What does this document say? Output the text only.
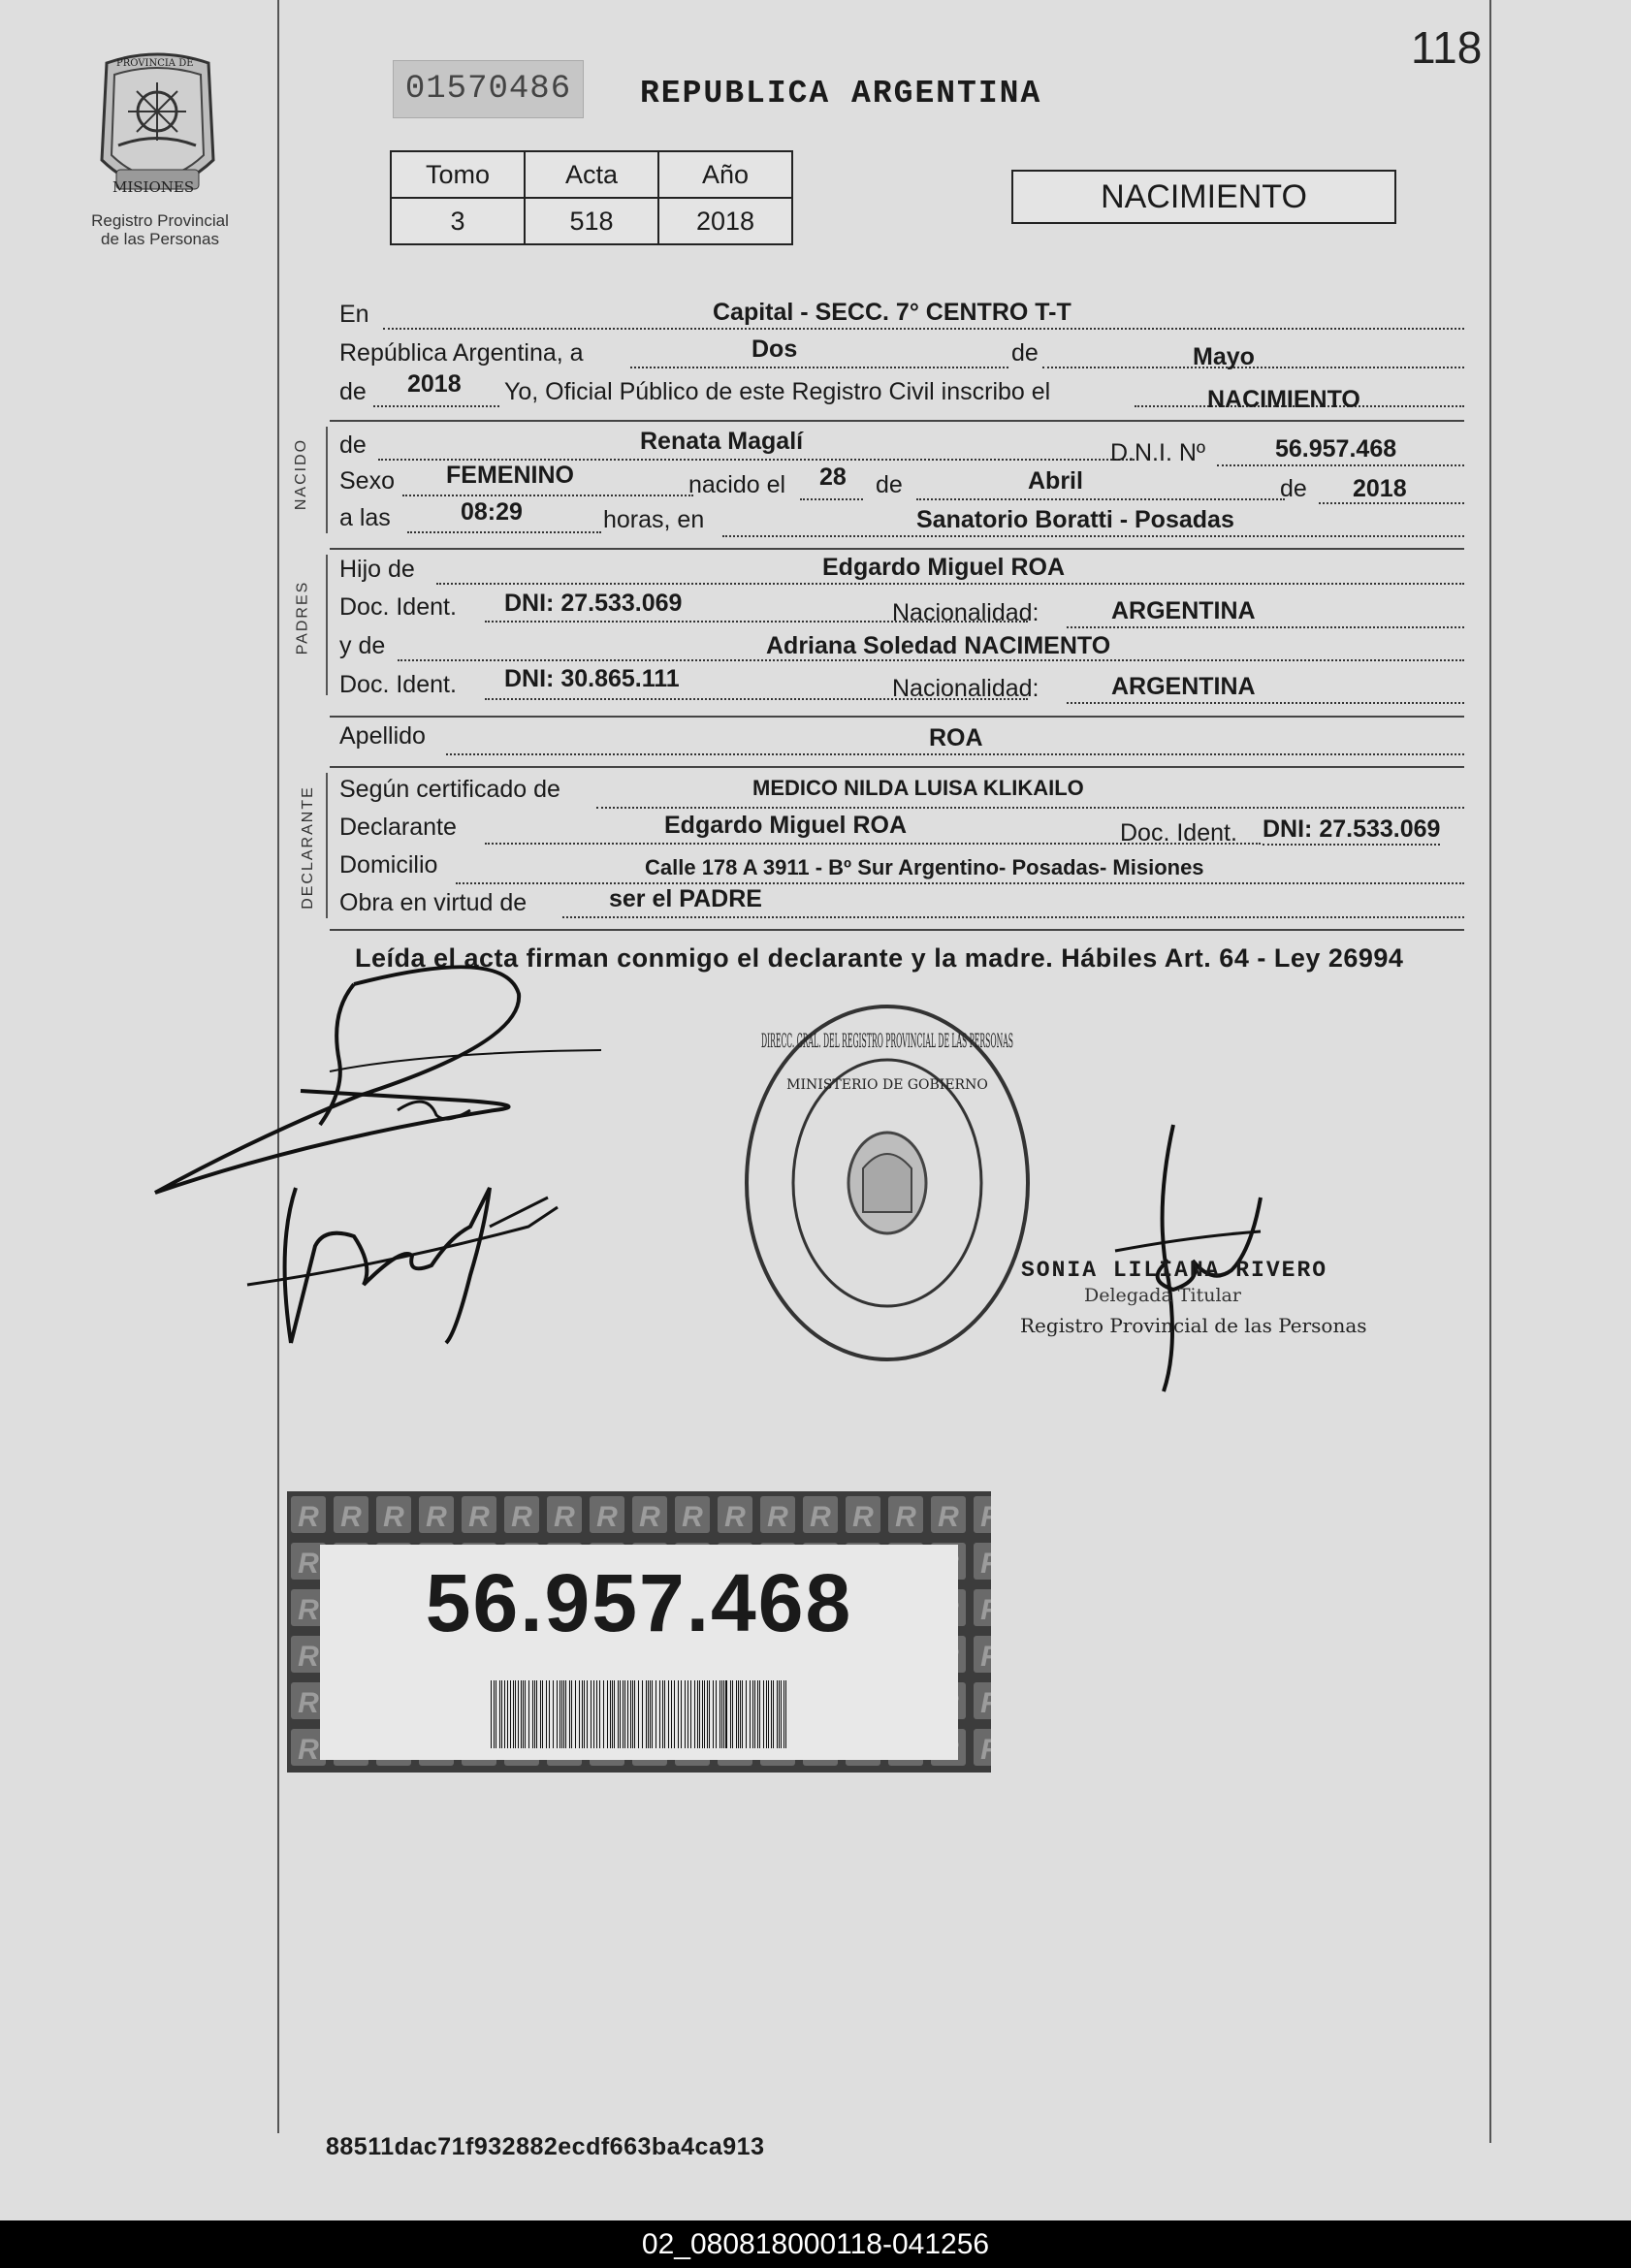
Registro Provincial
de las Personas
PROVINCIA DE
MISIONES
01570486	REPUBLICA ARGENTINA
118
Tomo	Acta	Año
3	518	2018
NACIMIENTO
En	Capital - SECC. 7° CENTRO T-T
República Argentina, a	Dos	de	Mayo
de 2018 Yo, Oficial Público de este Registro Civil inscribo el	NACIMIENTO
NACIDO de	Renata Magalí	D.N.I. Nº	56.957.468
Sexo FEMENINO	nacido el 28 de	Abril	de 2018
a las	08:29	horas, en	Sanatorio Boratti - Posadas
PADRES
Hijo de	Edgardo Miguel ROA
Doc. Ident. DNI: 27.533.069	Nacionalidad:	ARGENTINA
y de	Adriana Soledad NACIMENTO
Doc. Ident. DNI: 30.865.111	Nacionalidad:	ARGENTINA
Apellido	ROA
DECLARANTE Según certificado de	MEDICO NILDA LUISA KLIKAILO
Declarante	Edgardo Miguel ROA	Doc. Ident. DNI: 27.533.069
Domicilio	Calle 178 A 3911 - Bº Sur Argentino- Posadas- Misiones
Obra en virtud de	ser el PADRE
Leída el acta firman conmigo el declarante y la madre. Hábiles Art. 64 - Ley 26994
DIRECC. GRAL. DEL REGISTRO PROVINCIAL DE LAS PERSONAS
MINISTERIO DE GOBIERNO
SONIA LILIANA RIVERO
Delegada Titular
Registro Provincial de las Personas
56.957.468
88511dac71f932882ecdf663ba4ca913
02_080818000118-041256
